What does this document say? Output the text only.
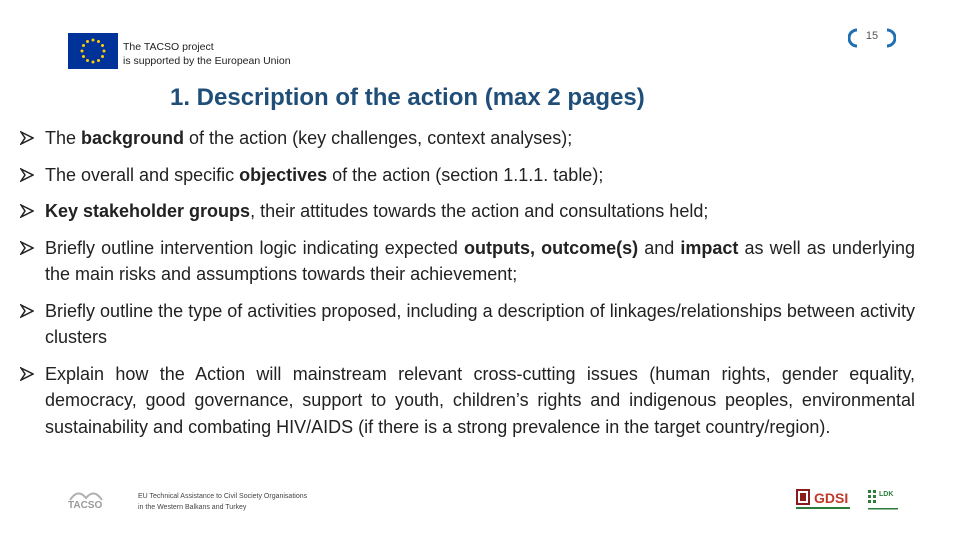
The TACSO project
is supported by the European Union
15
1. Description of the action (max 2 pages)
The background of the action (key challenges, context analyses);
The overall and specific objectives of the action (section 1.1.1. table);
Key stakeholder groups, their attitudes towards the action and consultations held;
Briefly outline intervention logic indicating expected outputs, outcome(s) and impact as well as underlying the main risks and assumptions towards their achievement;
Briefly outline the type of activities proposed, including a description of linkages/relationships between activity clusters
Explain how the Action will mainstream relevant cross-cutting issues (human rights, gender equality, democracy, good governance, support to youth, children’s rights and indigenous peoples, environmental sustainability and combating HIV/AIDS (if there is a strong prevalence in the target country/region).
TACSO
EU Technical Assistance to Civil Society Organisations
in the Western Balkans and Turkey
GDSI	LDK
